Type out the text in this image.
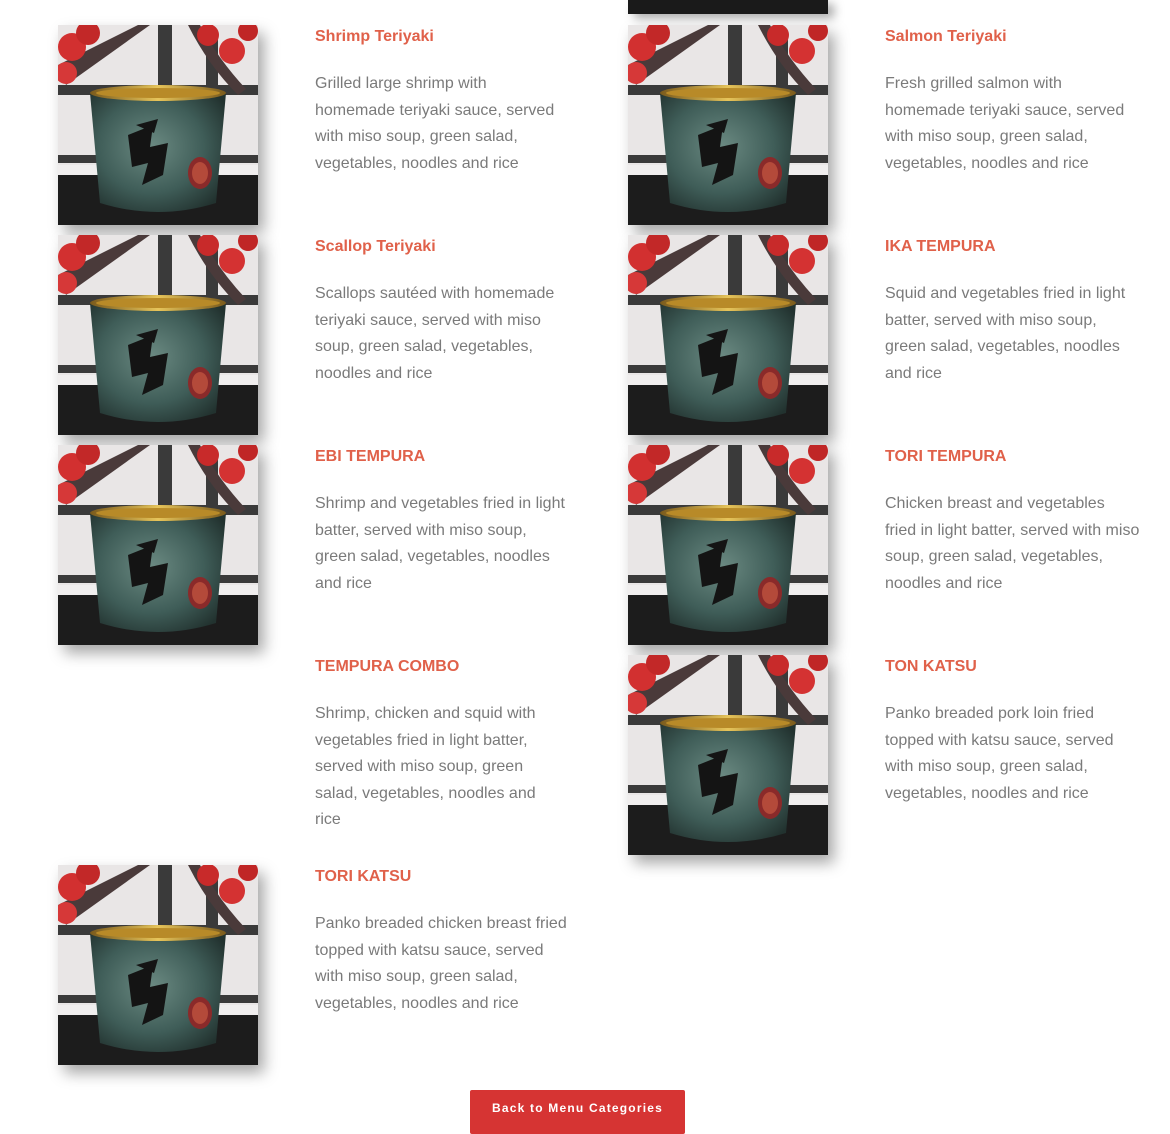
Shrimp Teriyaki

Grilled large shrimp with homemade teriyaki sauce, served with miso soup, green salad, vegetables, noodles and rice

Salmon Teriyaki

Fresh grilled salmon with homemade teriyaki sauce, served with miso soup, green salad, vegetables, noodles and rice

Scallop Teriyaki

Scallops sautéed with homemade teriyaki sauce, served with miso soup, green salad, vegetables, noodles and rice

IKA TEMPURA

Squid and vegetables fried in light batter, served with miso soup, green salad, vegetables, noodles and rice

EBI TEMPURA

Shrimp and vegetables fried in light batter, served with miso soup, green salad, vegetables, noodles and rice

TORI TEMPURA

Chicken breast and vegetables fried in light batter, served with miso soup, green salad, vegetables, noodles and rice

TEMPURA COMBO

Shrimp, chicken and squid with vegetables fried in light batter, served with miso soup, green salad, vegetables, noodles and rice

TON KATSU

Panko breaded pork loin fried topped with katsu sauce, served with miso soup, green salad, vegetables, noodles and rice

TORI KATSU

Panko breaded chicken breast fried topped with katsu sauce, served with miso soup, green salad, vegetables, noodles and rice

Back to Menu Categories
